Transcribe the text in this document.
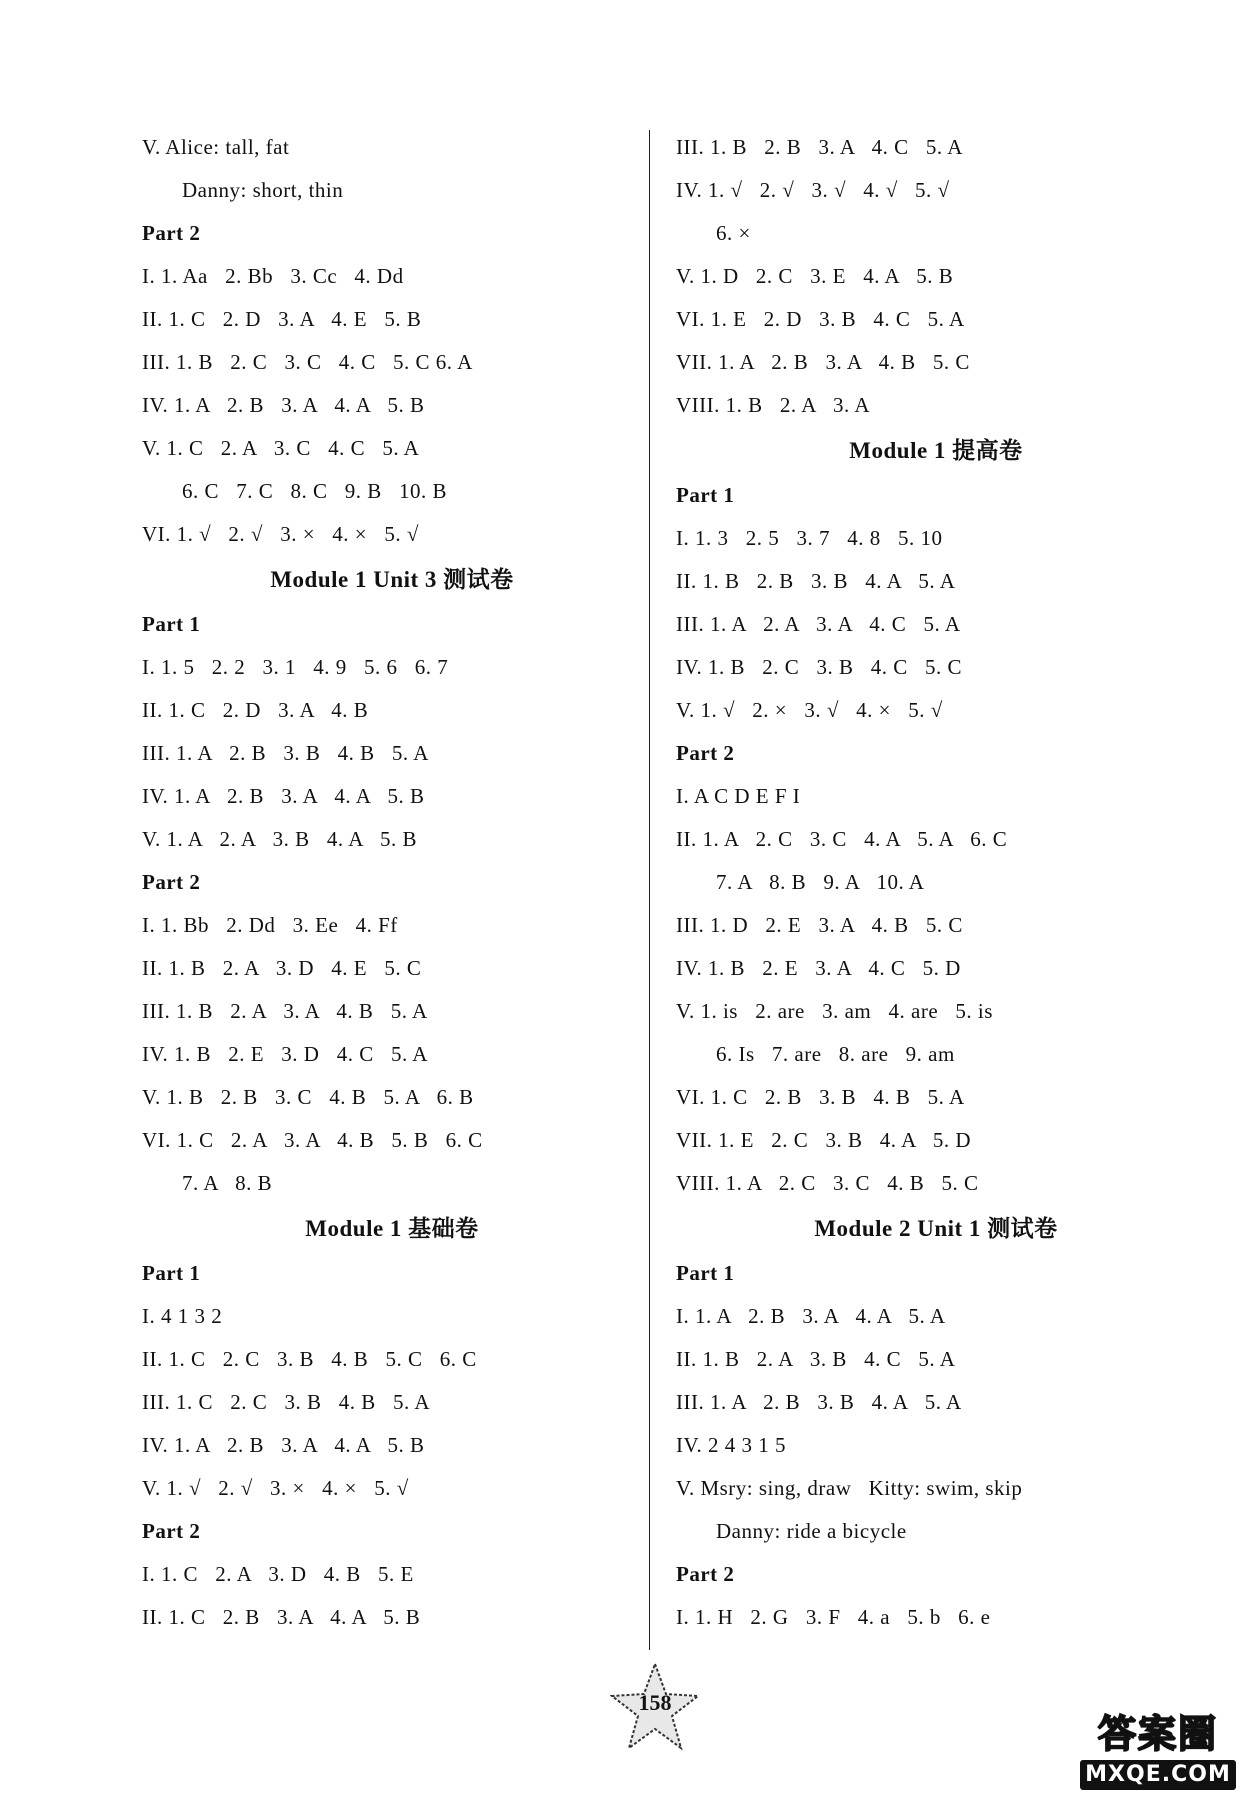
V. Alice: tall, fat
Danny: short, thin
Part 2
I. 1. Aa   2. Bb   3. Cc   4. Dd
II. 1. C   2. D   3. A   4. E   5. B
III. 1. B   2. C   3. C   4. C   5. C 6. A
IV. 1. A   2. B   3. A   4. A   5. B
V. 1. C   2. A   3. C   4. C   5. A
6. C   7. C   8. C   9. B   10. B
VI. 1. √   2. √   3. ×   4. ×   5. √
Module 1 Unit 3 测试卷
Part 1
I. 1. 5   2. 2   3. 1   4. 9   5. 6   6. 7
II. 1. C   2. D   3. A   4. B
III. 1. A   2. B   3. B   4. B   5. A
IV. 1. A   2. B   3. A   4. A   5. B
V. 1. A   2. A   3. B   4. A   5. B
Part 2
I. 1. Bb   2. Dd   3. Ee   4. Ff
II. 1. B   2. A   3. D   4. E   5. C
III. 1. B   2. A   3. A   4. B   5. A
IV. 1. B   2. E   3. D   4. C   5. A
V. 1. B   2. B   3. C   4. B   5. A   6. B
VI. 1. C   2. A   3. A   4. B   5. B   6. C
7. A   8. B
Module 1 基础卷
Part 1
I. 4 1 3 2
II. 1. C   2. C   3. B   4. B   5. C   6. C
III. 1. C   2. C   3. B   4. B   5. A
IV. 1. A   2. B   3. A   4. A   5. B
V. 1. √   2. √   3. ×   4. ×   5. √
Part 2
I. 1. C   2. A   3. D   4. B   5. E
II. 1. C   2. B   3. A   4. A   5. B
III. 1. B   2. B   3. A   4. C   5. A
IV. 1. √   2. √   3. √   4. √   5. √
6. ×
V. 1. D   2. C   3. E   4. A   5. B
VI. 1. E   2. D   3. B   4. C   5. A
VII. 1. A   2. B   3. A   4. B   5. C
VIII. 1. B   2. A   3. A
Module 1 提高卷
Part 1
I. 1. 3   2. 5   3. 7   4. 8   5. 10
II. 1. B   2. B   3. B   4. A   5. A
III. 1. A   2. A   3. A   4. C   5. A
IV. 1. B   2. C   3. B   4. C   5. C
V. 1. √   2. ×   3. √   4. ×   5. √
Part 2
I. A C D E F I
II. 1. A   2. C   3. C   4. A   5. A   6. C
7. A   8. B   9. A   10. A
III. 1. D   2. E   3. A   4. B   5. C
IV. 1. B   2. E   3. A   4. C   5. D
V. 1. is   2. are   3. am   4. are   5. is
6. Is   7. are   8. are   9. am
VI. 1. C   2. B   3. B   4. B   5. A
VII. 1. E   2. C   3. B   4. A   5. D
VIII. 1. A   2. C   3. C   4. B   5. C
Module 2 Unit 1 测试卷
Part 1
I. 1. A   2. B   3. A   4. A   5. A
II. 1. B   2. A   3. B   4. C   5. A
III. 1. A   2. B   3. B   4. A   5. A
IV. 2 4 3 1 5
V. Msry: sing, draw   Kitty: swim, skip
Danny: ride a bicycle
Part 2
I. 1. H   2. G   3. F   4. a   5. b   6. e
158
答案圈
MXQE.COM
